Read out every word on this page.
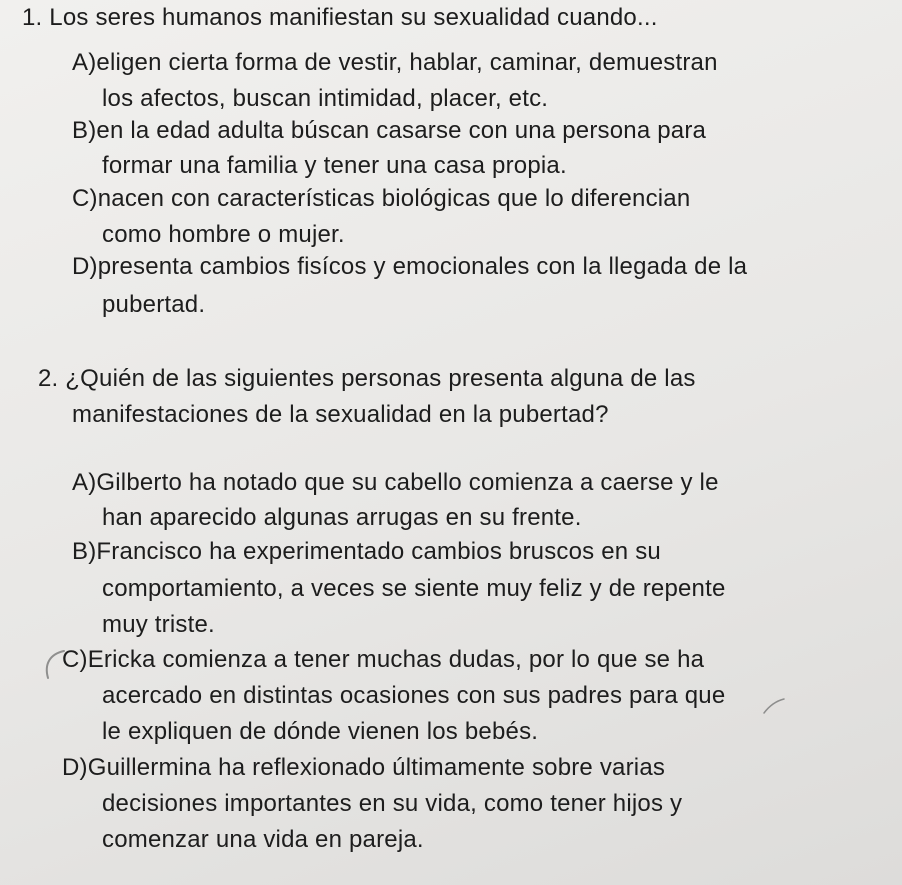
1. Los seres humanos manifiestan su sexualidad cuando...
A)eligen cierta forma de vestir, hablar, caminar, demuestran
los afectos, buscan intimidad, placer, etc.
B)en la edad adulta búscan casarse con una persona para
formar una familia y tener una casa propia.
C)nacen con características biológicas que lo diferencian
como hombre o mujer.
D)presenta cambios fisícos y emocionales con la llegada de la
pubertad.
2. ¿Quién de las siguientes personas presenta alguna de las
manifestaciones de la sexualidad en la pubertad?
A)Gilberto ha notado que su cabello comienza a caerse y le
han aparecido algunas arrugas en su frente.
B)Francisco ha experimentado cambios bruscos en su
comportamiento, a veces se siente muy feliz y de repente
muy triste.
C)Ericka comienza a tener muchas dudas, por lo que se ha
acercado en distintas ocasiones con sus padres para que
le expliquen de dónde vienen los bebés.
D)Guillermina ha reflexionado últimamente sobre varias
decisiones importantes en su vida, como tener hijos y
comenzar una vida en pareja.
